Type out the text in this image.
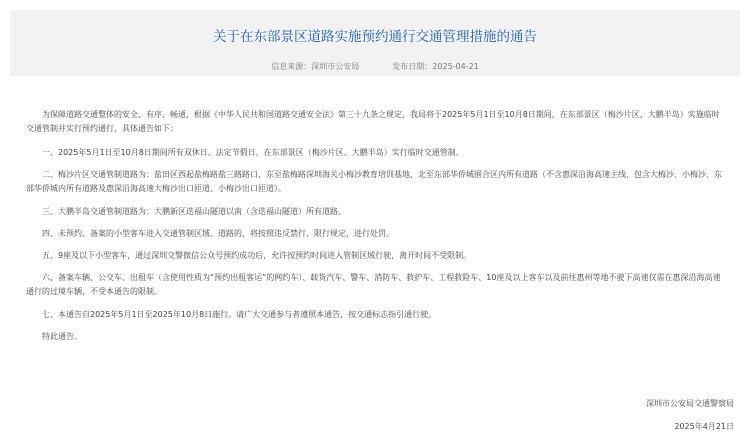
关于在东部景区道路实施预约通行交通管理措施的通告
信息来源：深圳市公安局	发布日期：2025-04-21

为保障道路交通整体的安全、有序、畅通，根据《中华人民共和国道路交通安全法》第三十九条之规定，我局将于2025年5月1日至10月8日期间，在东部景区（梅沙片区、大鹏半岛）实施临时交通管制并实行预约通行，具体通告如下：

一、2025年5月1日至10月8日期间所有双休日、法定节假日，在东部景区（梅沙片区、大鹏半岛）实行临时交通管制。

二、梅沙片区交通管制道路为：盐田区西起盐梅路盐三路路口，东至盐梅路深圳海关小梅沙教育培训基地，北至东部华侨城围合区内所有道路（不含惠深沿海高速主线，包含大梅沙、小梅沙、东部华侨城内所有道路及惠深沿海高速大梅沙出口匝道、小梅沙出口匝道）。

三、大鹏半岛交通管制道路为：大鹏新区迭福山隧道以南（含迭福山隧道）所有道路。

四、未预约、备案的小型客车进入交通管制区域、道路的，将按照违反禁行、限行规定，进行处罚。

五、9座及以下小型客车，通过深圳交警微信公众号预约成功后，允许按预约时间进入管制区域行驶，离开时间不受限制。

六、备案车辆、公交车、出租车（含使用性质为“预约出租客运”的网约车）、载货汽车、警车、消防车、救护车、工程救险车、10座及以上客车以及前往惠州等地不驶下高速仅需在惠深沿海高速通行的过境车辆，不受本通告的限制。

七、本通告自2025年5月1日至2025年10月8日施行。请广大交通参与者遵照本通告，按交通标志指引通行驶。

特此通告。

深圳市公安局交通警察局
2025年4月21日
